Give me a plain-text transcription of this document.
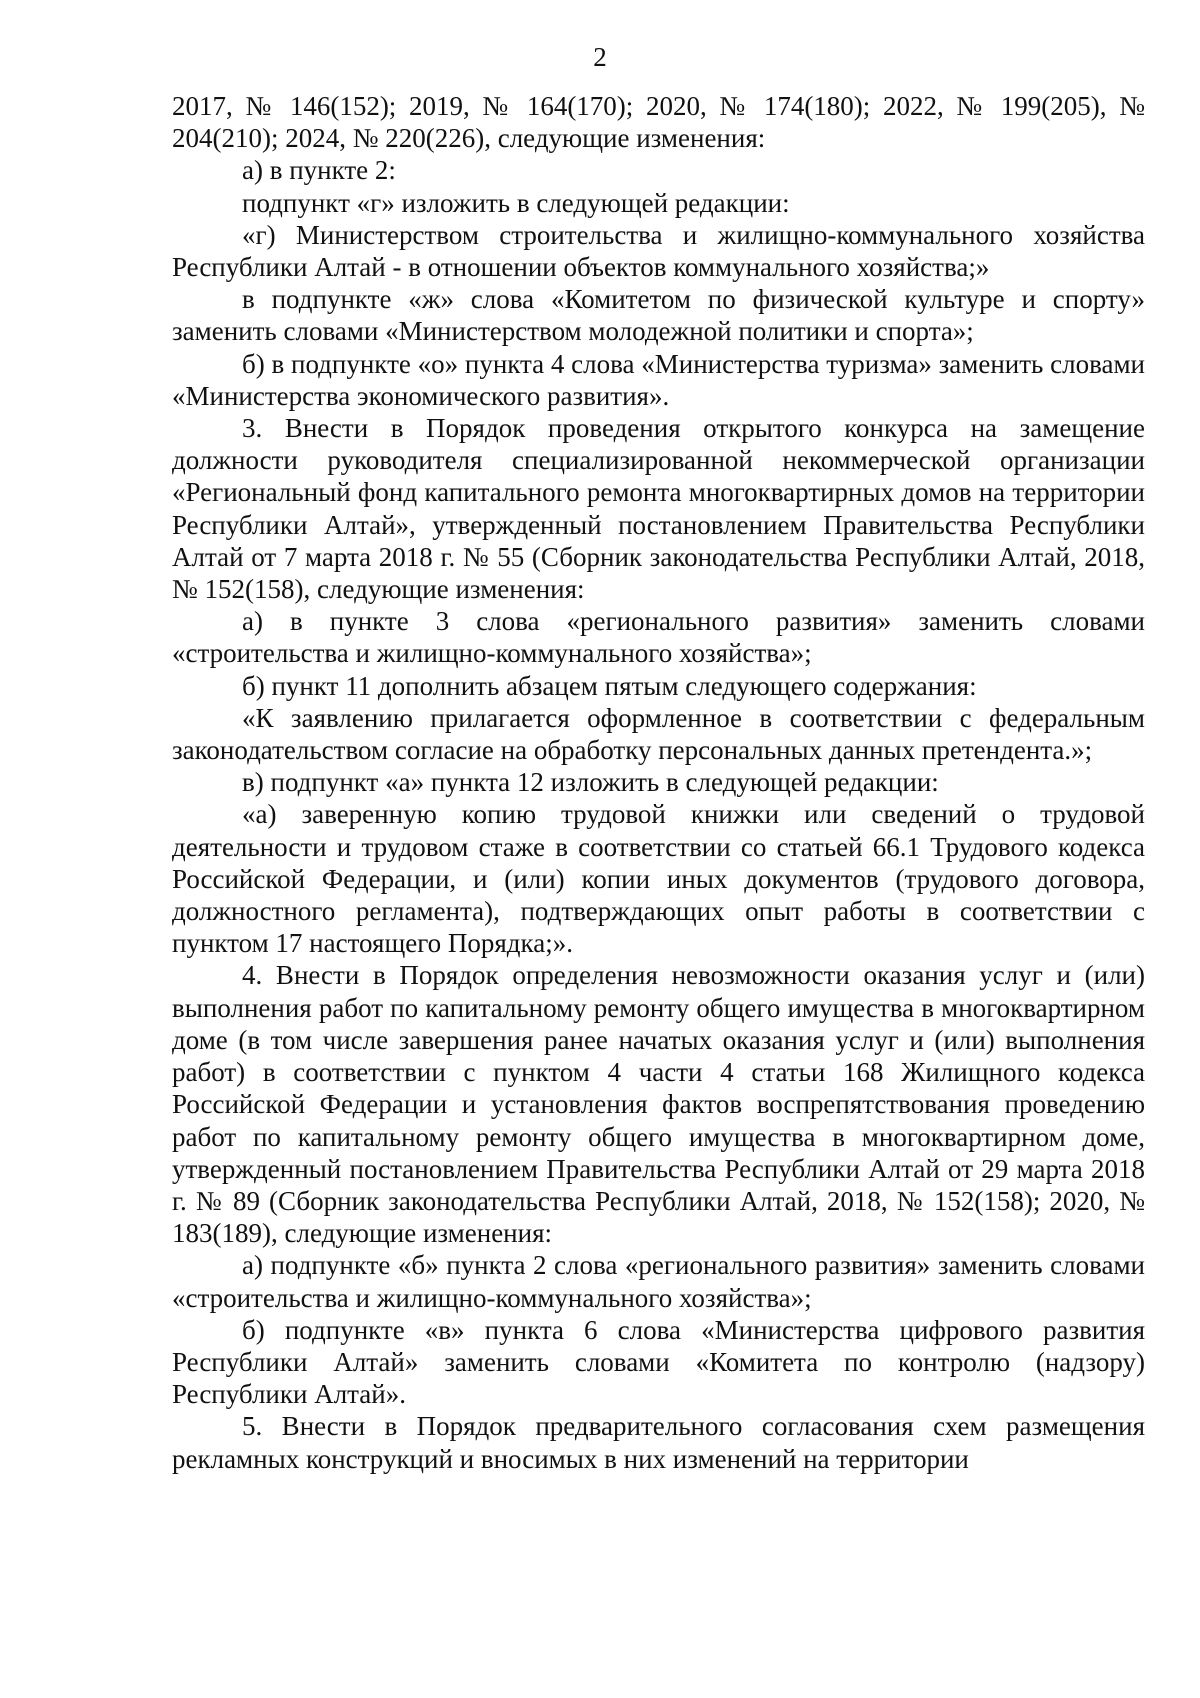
2

2017, № 146(152); 2019, № 164(170); 2020, № 174(180); 2022, № 199(205), № 204(210); 2024, № 220(226), следующие изменения:

а) в пункте 2:

подпункт «г» изложить в следующей редакции:

«г) Министерством строительства и жилищно-коммунального хозяйства Республики Алтай - в отношении объектов коммунального хозяйства;»

в подпункте «ж» слова «Комитетом по физической культуре и спорту» заменить словами «Министерством молодежной политики и спорта»;

б) в подпункте «о» пункта 4 слова «Министерства туризма» заменить словами «Министерства экономического развития».

3. Внести в Порядок проведения открытого конкурса на замещение должности руководителя специализированной некоммерческой организации «Региональный фонд капитального ремонта многоквартирных домов на территории Республики Алтай», утвержденный постановлением Правительства Республики Алтай от 7 марта 2018 г. № 55 (Сборник законодательства Республики Алтай, 2018, № 152(158), следующие изменения:

а) в пункте 3 слова «регионального развития» заменить словами «строительства и жилищно-коммунального хозяйства»;

б) пункт 11 дополнить абзацем пятым следующего содержания:

«К заявлению прилагается оформленное в соответствии с федеральным законодательством согласие на обработку персональных данных претендента.»;

в) подпункт «а» пункта 12 изложить в следующей редакции:

«а) заверенную копию трудовой книжки или сведений о трудовой деятельности и трудовом стаже в соответствии со статьей 66.1 Трудового кодекса Российской Федерации, и (или) копии иных документов (трудового договора, должностного регламента), подтверждающих опыт работы в соответствии с пунктом 17 настоящего Порядка;».

4. Внести в Порядок определения невозможности оказания услуг и (или) выполнения работ по капитальному ремонту общего имущества в многоквартирном доме (в том числе завершения ранее начатых оказания услуг и (или) выполнения работ) в соответствии с пунктом 4 части 4 статьи 168 Жилищного кодекса Российской Федерации и установления фактов воспрепятствования проведению работ по капитальному ремонту общего имущества в многоквартирном доме, утвержденный постановлением Правительства Республики Алтай от 29 марта 2018 г. № 89 (Сборник законодательства Республики Алтай, 2018, № 152(158); 2020, № 183(189), следующие изменения:

а) подпункте «б» пункта 2 слова «регионального развития» заменить словами «строительства и жилищно-коммунального хозяйства»;

б) подпункте «в» пункта 6 слова «Министерства цифрового развития Республики Алтай» заменить словами «Комитета по контролю (надзору) Республики Алтай».

5. Внести в Порядок предварительного согласования схем размещения рекламных конструкций и вносимых в них изменений на территории
